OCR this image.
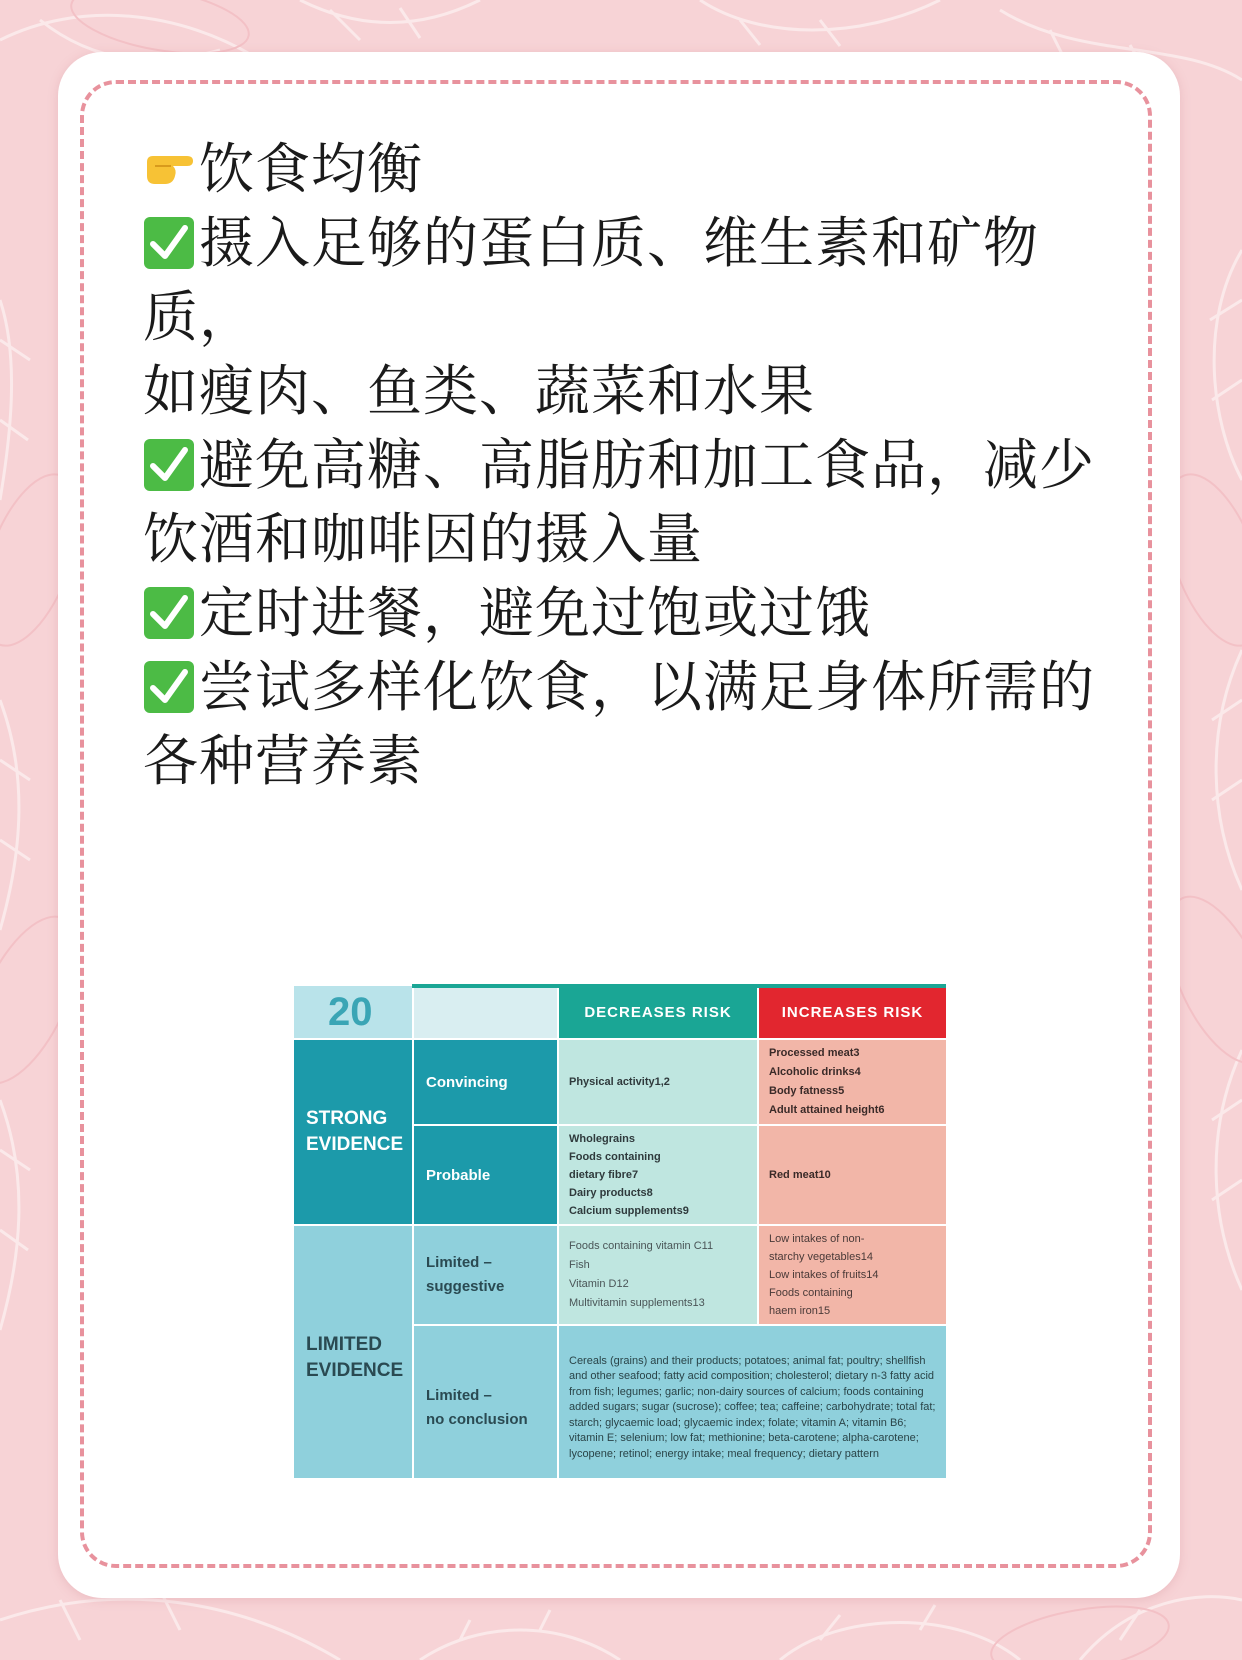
饮食均衡
摄入足够的蛋白质、维生素和矿物质，
如瘦肉、鱼类、蔬菜和水果
避免高糖、高脂肪和加工食品，减少
饮酒和咖啡因的摄入量
定时进餐，避免过饱或过饿
尝试多样化饮食，以满足身体所需的
各种营养素
20		DECREASES RISK	INCREASES RISK
STRONG EVIDENCE	Convincing	Physical activity1,2	Processed meat3
Alcoholic drinks4
Body fatness5
Adult attained height6

	Probable	Wholegrains
Foods containing
dietary fibre7
Dairy products8
Calcium supplements9	Red meat10

LIMITED EVIDENCE	Limited –
suggestive	Foods containing vitamin C11
Fish
Vitamin D12
Multivitamin supplements13	Low intakes of non-
starchy vegetables14
Low intakes of fruits14
Foods containing
haem iron15

	Limited –
no conclusion	Cereals (grains) and their products; potatoes; animal fat; poultry; shellfish and other seafood; fatty acid composition; cholesterol; dietary n-3 fatty acid from fish; legumes; garlic; non-dairy sources of calcium; foods containing added sugars; sugar (sucrose); coffee; tea; caffeine; carbohydrate; total fat; starch; glycaemic load; glycaemic index; folate; vitamin A; vitamin B6; vitamin E; selenium; low fat; methionine; beta-carotene; alpha-carotene; lycopene; retinol; energy intake; meal frequency; dietary pattern	
